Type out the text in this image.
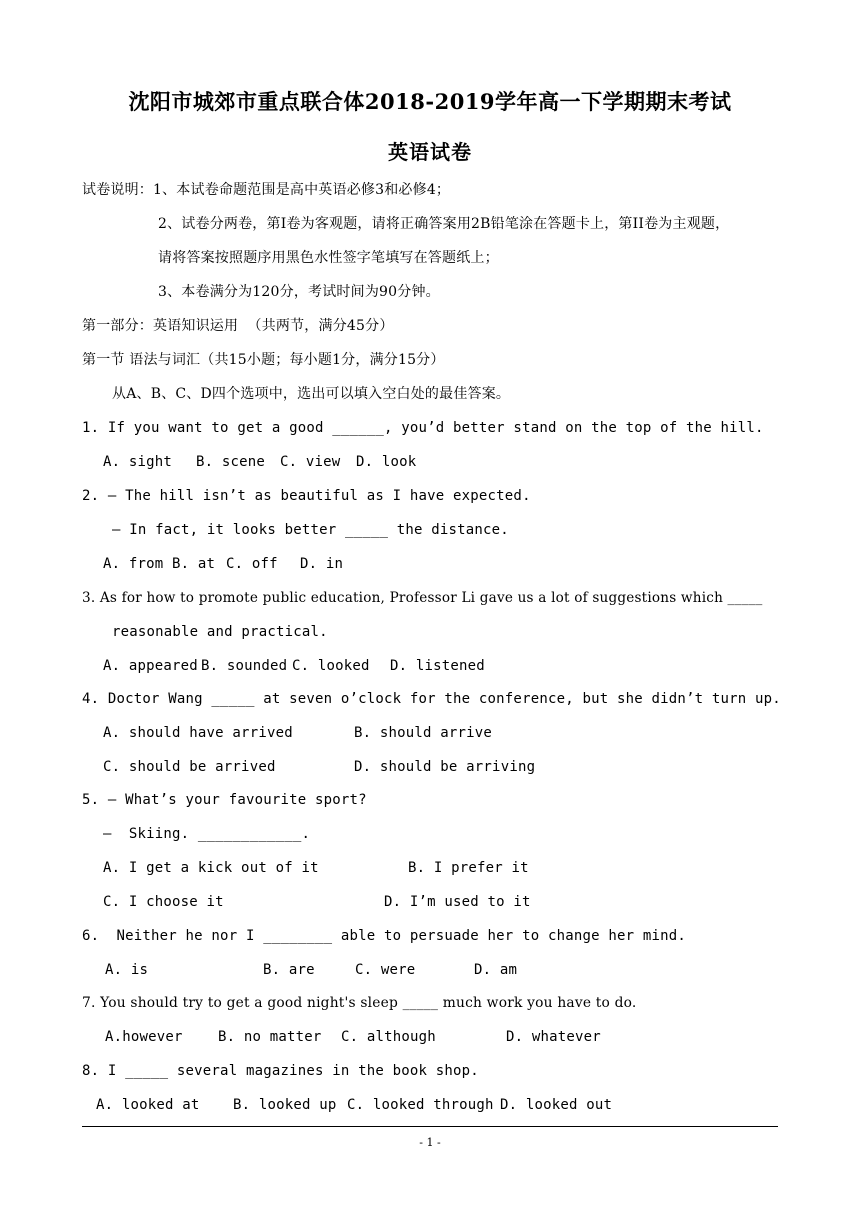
沈阳市城郊市重点联合体2018-2019学年高一下学期期末考试
英语试卷
试卷说明：1、本试卷命题范围是高中英语必修3和必修4；
2、试卷分两卷，第I卷为客观题，请将正确答案用2B铅笔涂在答题卡上，第II卷为主观题，
请将答案按照题序用黑色水性签字笔填写在答题纸上；
3、本卷满分为120分，考试时间为90分钟。
第一部分：英语知识运用  （共两节，满分45分）
第一节 语法与词汇（共15小题；每小题1分，满分15分）
从A、B、C、D四个选项中，选出可以填入空白处的最佳答案。
1. If you want to get a good ______, you’d better stand on the top of the hill.
A. sight B. scene C. view D. look
2. — The hill isn’t as beautiful as I have expected.
— In fact, it looks better _____ the distance.
A. from B. at C. off D. in
3. As for how to promote public education, Professor Li gave us a lot of suggestions which _____
reasonable and practical.
A. appeared B. sounded C. looked D. listened
4. Doctor Wang _____ at seven o’clock for the conference, but she didn’t turn up.
A. should have arrived	B. should arrive
C. should be arrived	D. should be arriving
5. — What’s your favourite sport?
—  Skiing. ____________.
A. I get a kick out of it	B. I prefer it
C. I choose it	D. I’m used to it
6.  Neither he nor I ________ able to persuade her to change her mind.
A. is	B. are	C. were	D. am
7. You should try to get a good night's sleep _____ much work you have to do.
A.however	B. no matter C. although	D. whatever
8. I _____ several magazines in the book shop.
A. looked at B. looked up C. looked through D. looked out
- 1 -
